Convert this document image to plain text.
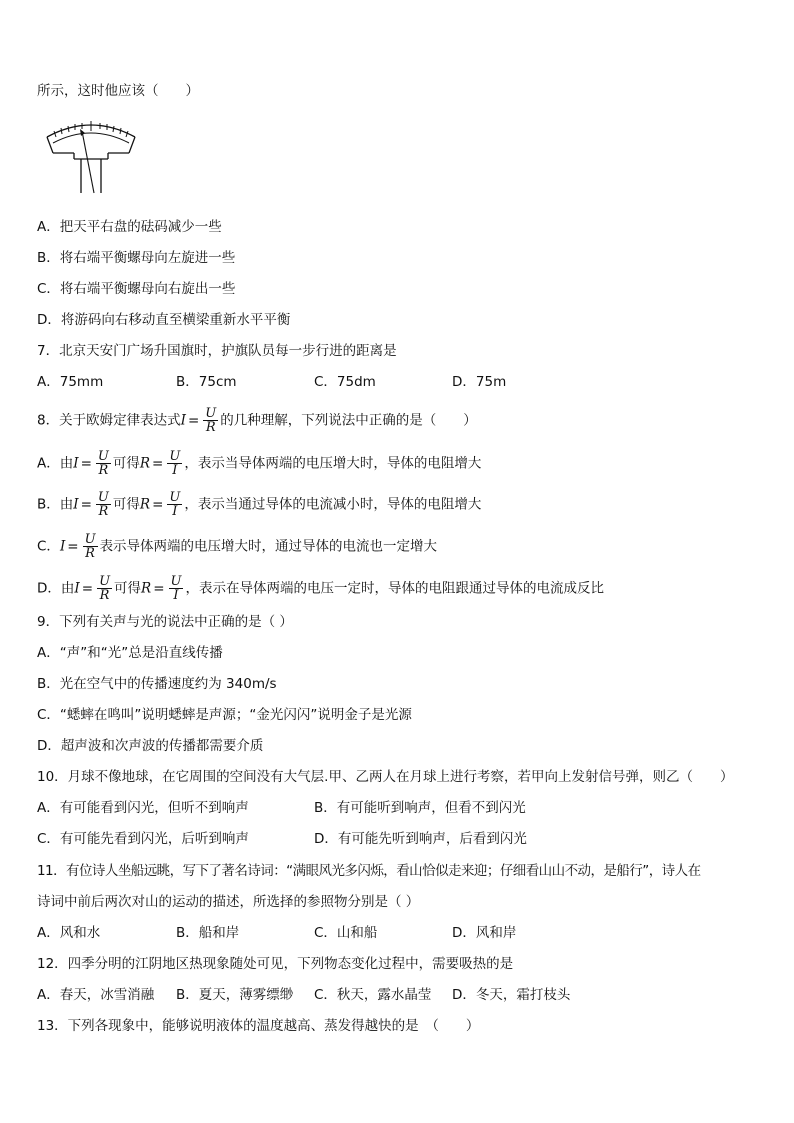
所示，这时他应该（　　）
A．把天平右盘的砝码减少一些
B．将右端平衡螺母向左旋进一些
C．将右端平衡螺母向右旋出一些
D．将游码向右移动直至横梁重新水平平衡
7．北京天安门广场升国旗时，护旗队员每一步行进的距离是
A．75mm	B．75cm	C．75dm	D．75m
8．关于欧姆定律表达式$I = \frac{U}{R}$ 的几种理解，下列说法中正确的是（　　）
A．由$I = \frac{U}{R}$ 可得$R = \frac{U}{I}$ ，表示当导体两端的电压增大时，导体的电阻增大
B．由$I = \frac{U}{R}$ 可得$R = \frac{U}{I}$ ，表示当通过导体的电流减小时，导体的电阻增大
C．$I = \frac{U}{R}$ 表示导体两端的电压增大时，通过导体的电流也一定增大
D．由$I = \frac{U}{R}$ 可得$R = \frac{U}{I}$ ，表示在导体两端的电压一定时，导体的电阻跟通过导体的电流成反比
9．下列有关声与光的说法中正确的是（ ）
A．“声”和“光”总是沿直线传播
B．光在空气中的传播速度约为 340m/s
C．“蟋蟀在鸣叫”说明蟋蟀是声源；“金光闪闪”说明金子是光源
D．超声波和次声波的传播都需要介质
10．月球不像地球，在它周围的空间没有大气层.甲、乙两人在月球上进行考察，若甲向上发射信号弹，则乙（　　）
A．有可能看到闪光，但听不到响声	B．有可能听到响声，但看不到闪光
C．有可能先看到闪光，后听到响声	D．有可能先听到响声，后看到闪光
11．有位诗人坐船远眺，写下了著名诗词：“满眼风光多闪烁，看山恰似走来迎；仔细看山山不动，是船行”，诗人在
诗词中前后两次对山的运动的描述，所选择的参照物分别是（ ）
A．风和水	B．船和岸	C．山和船	D．风和岸
12．四季分明的江阴地区热现象随处可见，下列物态变化过程中，需要吸热的是
A．春天，冰雪消融 B．夏天，薄雾缥缈 C．秋天，露水晶莹 D．冬天，霜打枝头
13．下列各现象中，能够说明液体的温度越高、蒸发得越快的是　（　　）
